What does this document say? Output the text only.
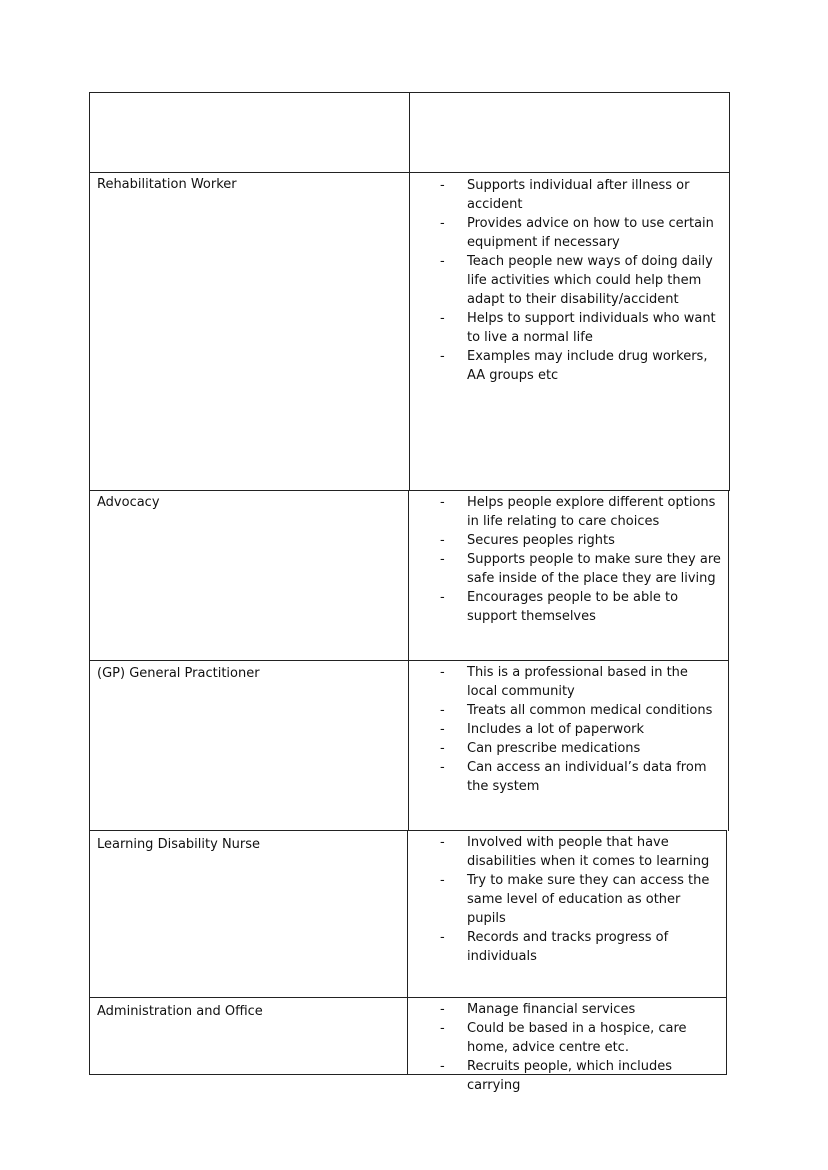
Rehabilitation Worker	- Supports individual after illness or accident
- Provides advice on how to use certain equipment if necessary
- Teach people new ways of doing daily life activities which could help them adapt to their disability/accident
- Helps to support individuals who want to live a normal life
- Examples may include drug workers, AA groups etc
Advocacy	- Helps people explore different options in life relating to care choices
- Secures peoples rights
- Supports people to make sure they are safe inside of the place they are living
- Encourages people to be able to support themselves
(GP) General Practitioner	- This is a professional based in the local community
- Treats all common medical conditions
- Includes a lot of paperwork
- Can prescribe medications
- Can access an individual’s data from the system
Learning Disability Nurse	- Involved with people that have disabilities when it comes to learning
- Try to make sure they can access the same level of education as other pupils
- Records and tracks progress of individuals
Administration and Office	- Manage financial services
- Could be based in a hospice, care home, advice centre etc.
- Recruits people, which includes carrying
